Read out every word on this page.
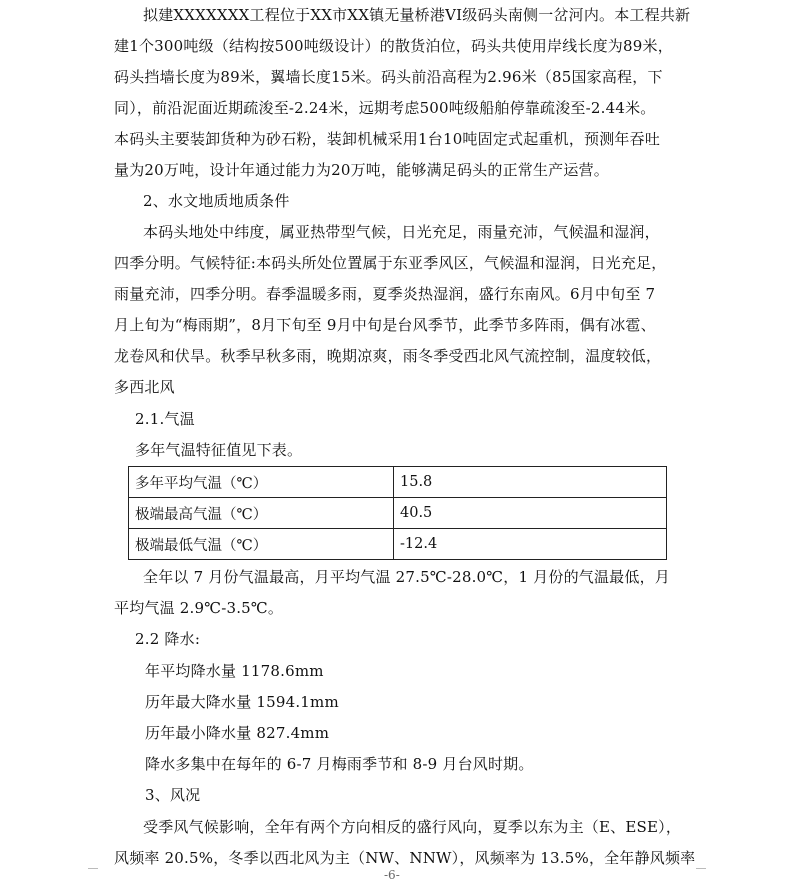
拟建XXXXXXX工程位于XX市XX镇无量桥港VI级码头南侧一岔河内。本工程共新
建1个300吨级（结构按500吨级设计）的散货泊位，码头共使用岸线长度为89米，
码头挡墙长度为89米，翼墙长度15米。码头前沿高程为2.96米（85国家高程，下
同），前沿泥面近期疏浚至-2.24米，远期考虑500吨级船舶停靠疏浚至-2.44米。
本码头主要装卸货种为砂石粉，装卸机械采用1台10吨固定式起重机，预测年吞吐
量为20万吨，设计年通过能力为20万吨，能够满足码头的正常生产运营。
2、水文地质地质条件
本码头地处中纬度，属亚热带型气候，日光充足，雨量充沛，气候温和湿润，
四季分明。气候特征:本码头所处位置属于东亚季风区，气候温和湿润，日光充足，
雨量充沛，四季分明。春季温暖多雨，夏季炎热湿润，盛行东南风。6月中旬至 7
月上旬为“梅雨期”，8月下旬至 9月中旬是台风季节，此季节多阵雨，偶有冰雹、
龙卷风和伏旱。秋季早秋多雨，晚期凉爽，雨冬季受西北风气流控制，温度较低，
多西北风
2.1.气温
多年气温特征值见下表。
多年平均气温（℃）	15.8
极端最高气温（℃）	40.5
极端最低气温（℃）	-12.4
全年以 7 月份气温最高，月平均气温 27.5℃-28.0℃，1 月份的气温最低，月
平均气温 2.9℃-3.5℃。
2.2 降水:
年平均降水量 1178.6mm
历年最大降水量 1594.1mm
历年最小降水量 827.4mm
降水多集中在每年的 6-7 月梅雨季节和 8-9 月台风时期。
3、风况
受季风气候影响，全年有两个方向相反的盛行风向，夏季以东为主（E、ESE），
风频率 20.5%，冬季以西北风为主（NW、NNW），风频率为 13.5%，全年静风频率
-6-
